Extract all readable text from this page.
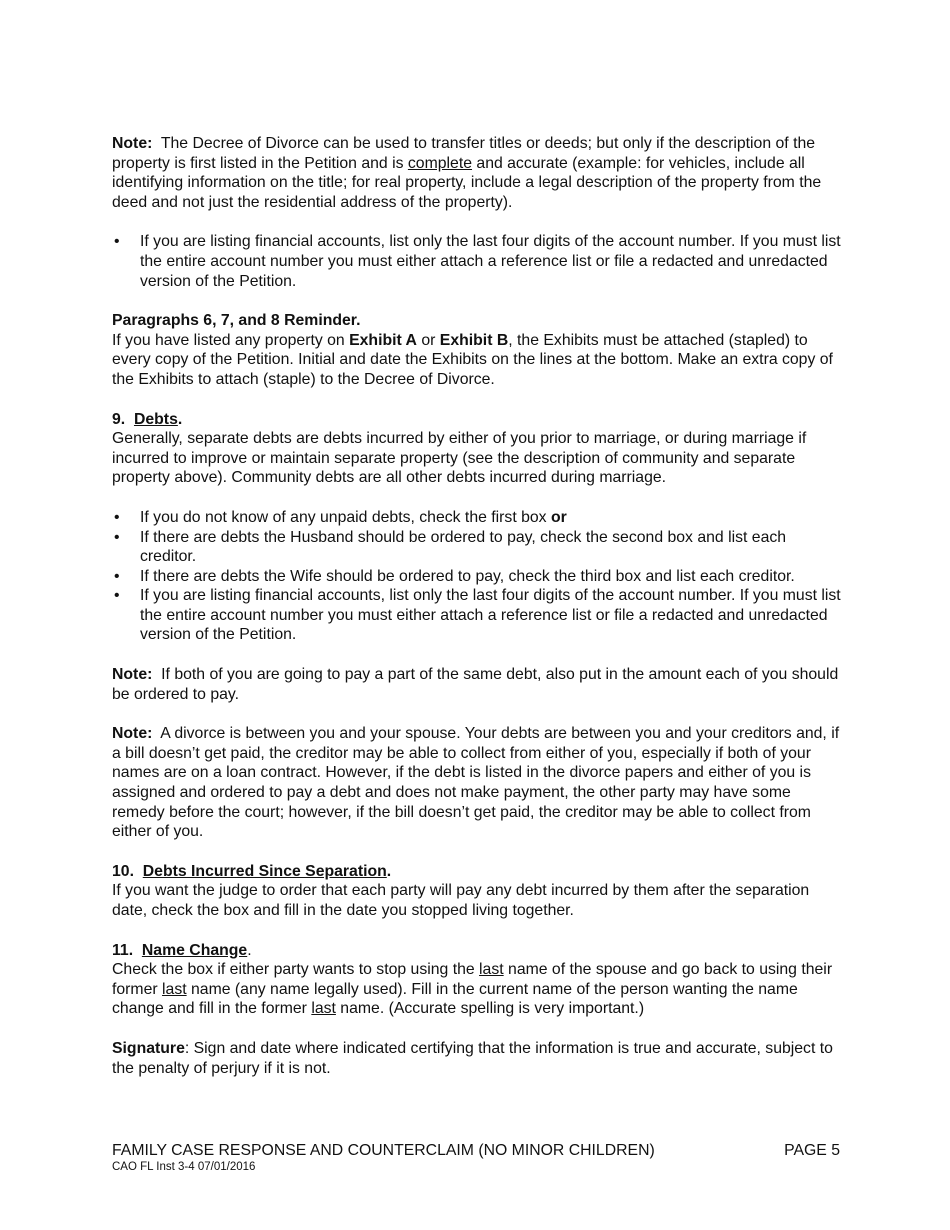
Note: The Decree of Divorce can be used to transfer titles or deeds; but only if the description of the property is first listed in the Petition and is complete and accurate (example: for vehicles, include all identifying information on the title; for real property, include a legal description of the property from the deed and not just the residential address of the property).

• If you are listing financial accounts, list only the last four digits of the account number. If you must list the entire account number you must either attach a reference list or file a redacted and unredacted version of the Petition.

Paragraphs 6, 7, and 8 Reminder.

If you have listed any property on Exhibit A or Exhibit B, the Exhibits must be attached (stapled) to every copy of the Petition. Initial and date the Exhibits on the lines at the bottom. Make an extra copy of the Exhibits to attach (staple) to the Decree of Divorce.

9. Debts.

Generally, separate debts are debts incurred by either of you prior to marriage, or during marriage if incurred to improve or maintain separate property (see the description of community and separate property above). Community debts are all other debts incurred during marriage.

• If you do not know of any unpaid debts, check the first box or
• If there are debts the Husband should be ordered to pay, check the second box and list each creditor.
• If there are debts the Wife should be ordered to pay, check the third box and list each creditor.
• If you are listing financial accounts, list only the last four digits of the account number. If you must list the entire account number you must either attach a reference list or file a redacted and unredacted version of the Petition.

Note: If both of you are going to pay a part of the same debt, also put in the amount each of you should be ordered to pay.

Note: A divorce is between you and your spouse. Your debts are between you and your creditors and, if a bill doesn’t get paid, the creditor may be able to collect from either of you, especially if both of your names are on a loan contract. However, if the debt is listed in the divorce papers and either of you is assigned and ordered to pay a debt and does not make payment, the other party may have some remedy before the court; however, if the bill doesn’t get paid, the creditor may be able to collect from either of you.

10. Debts Incurred Since Separation.

If you want the judge to order that each party will pay any debt incurred by them after the separation date, check the box and fill in the date you stopped living together.

11. Name Change.

Check the box if either party wants to stop using the last name of the spouse and go back to using their former last name (any name legally used). Fill in the current name of the person wanting the name change and fill in the former last name. (Accurate spelling is very important.)

Signature: Sign and date where indicated certifying that the information is true and accurate, subject to the penalty of perjury if it is not.

FAMILY CASE RESPONSE AND COUNTERCLAIM (NO MINOR CHILDREN)	PAGE 5
CAO FL Inst 3-4 07/01/2016
